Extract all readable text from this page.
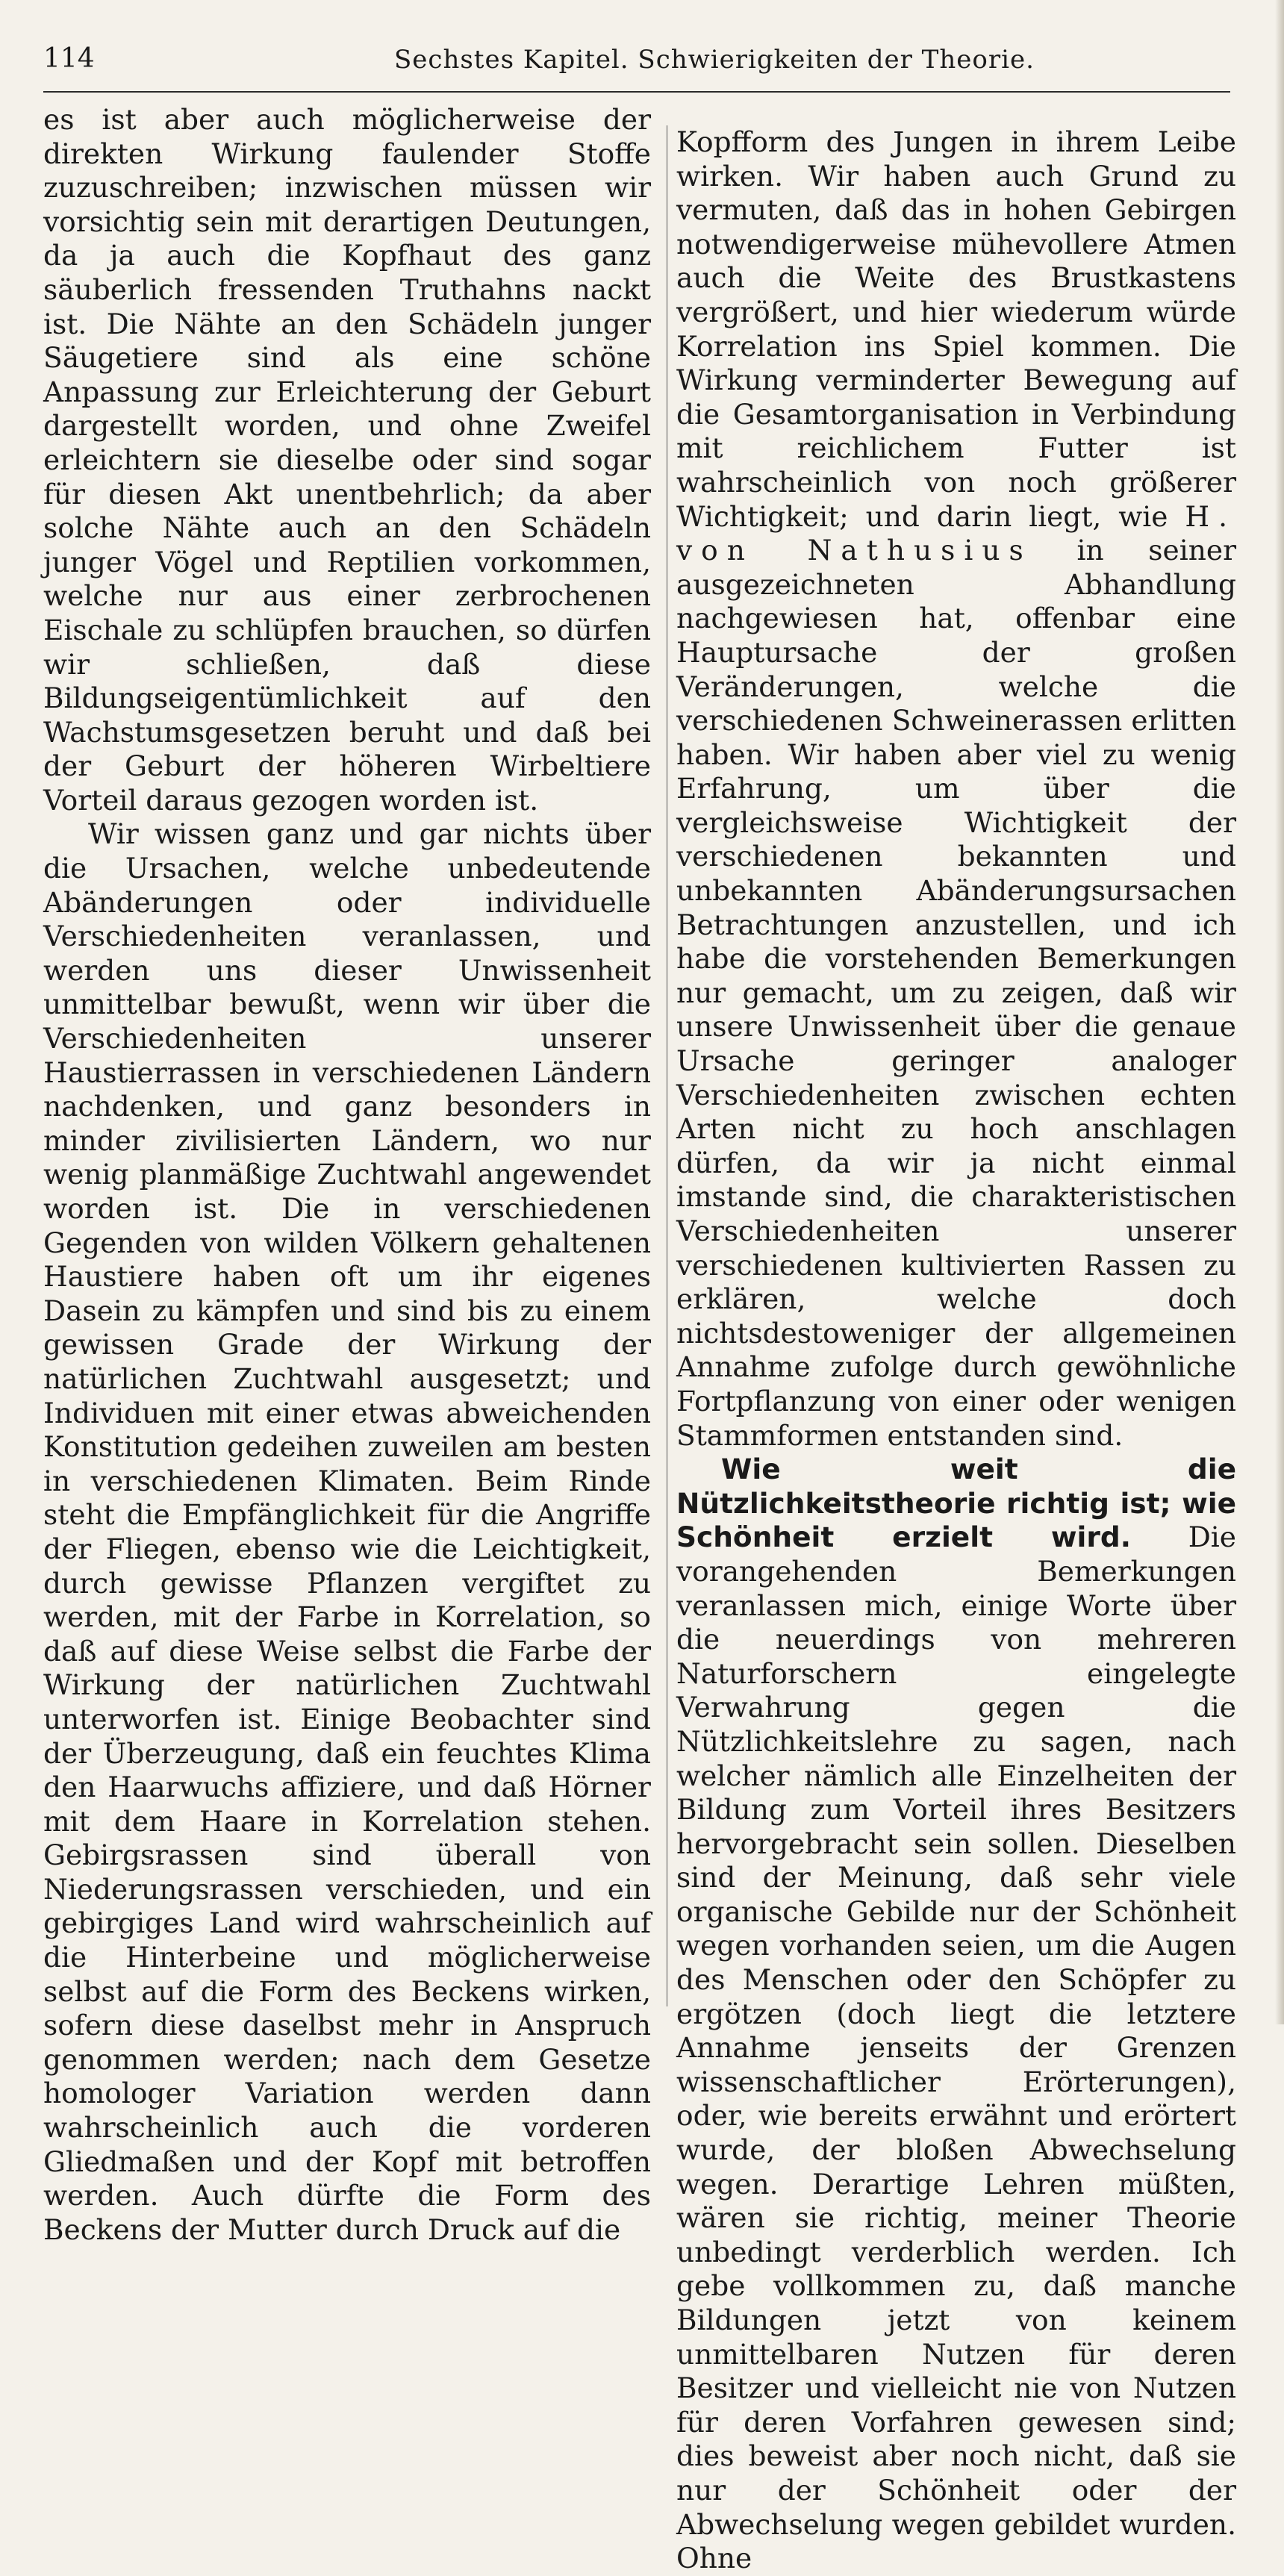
114	Sechstes Kapitel. Schwierigkeiten der Theorie.

es ist aber auch möglicherweise der direkten Wirkung faulender Stoffe zuzuschreiben; inzwischen müssen wir vorsichtig sein mit derartigen Deutungen, da ja auch die Kopfhaut des ganz säuberlich fressenden Truthahns nackt ist. Die Nähte an den Schädeln junger Säugetiere sind als eine schöne Anpassung zur Erleichterung der Geburt dargestellt worden, und ohne Zweifel erleichtern sie dieselbe oder sind sogar für diesen Akt unentbehrlich; da aber solche Nähte auch an den Schädeln junger Vögel und Reptilien vorkommen, welche nur aus einer zerbrochenen Eischale zu schlüpfen brauchen, so dürfen wir schließen, daß diese Bildungseigentümlichkeit auf den Wachstumsgesetzen beruht und daß bei der Geburt der höheren Wirbeltiere Vorteil daraus gezogen worden ist.

Wir wissen ganz und gar nichts über die Ursachen, welche unbedeutende Abänderungen oder individuelle Verschiedenheiten veranlassen, und werden uns dieser Unwissenheit unmittelbar bewußt, wenn wir über die Verschiedenheiten unserer Haustierrassen in verschiedenen Ländern nachdenken, und ganz besonders in minder zivilisierten Ländern, wo nur wenig planmäßige Zuchtwahl angewendet worden ist. Die in verschiedenen Gegenden von wilden Völkern gehaltenen Haustiere haben oft um ihr eigenes Dasein zu kämpfen und sind bis zu einem gewissen Grade der Wirkung der natürlichen Zuchtwahl ausgesetzt; und Individuen mit einer etwas abweichenden Konstitution gedeihen zuweilen am besten in verschiedenen Klimaten. Beim Rinde steht die Empfänglichkeit für die Angriffe der Fliegen, ebenso wie die Leichtigkeit, durch gewisse Pflanzen vergiftet zu werden, mit der Farbe in Korrelation, so daß auf diese Weise selbst die Farbe der Wirkung der natürlichen Zuchtwahl unterworfen ist. Einige Beobachter sind der Überzeugung, daß ein feuchtes Klima den Haarwuchs affiziere, und daß Hörner mit dem Haare in Korrelation stehen. Gebirgsrassen sind überall von Niederungsrassen verschieden, und ein gebirgiges Land wird wahrscheinlich auf die Hinterbeine und möglicherweise selbst auf die Form des Beckens wirken, sofern diese daselbst mehr in Anspruch genommen werden; nach dem Gesetze homologer Variation werden dann wahrscheinlich auch die vorderen Gliedmaßen und der Kopf mit betroffen werden. Auch dürfte die Form des Beckens der Mutter durch Druck auf die

Kopfform des Jungen in ihrem Leibe wirken. Wir haben auch Grund zu vermuten, daß das in hohen Gebirgen notwendigerweise mühevollere Atmen auch die Weite des Brustkastens vergrößert, und hier wiederum würde Korrelation ins Spiel kommen. Die Wirkung verminderter Bewegung auf die Gesamtorganisation in Verbindung mit reichlichem Futter ist wahrscheinlich von noch größerer Wichtigkeit; und darin liegt, wie H. von Nathusius in seiner ausgezeichneten Abhandlung nachgewiesen hat, offenbar eine Hauptursache der großen Veränderungen, welche die verschiedenen Schweinerassen erlitten haben. Wir haben aber viel zu wenig Erfahrung, um über die vergleichsweise Wichtigkeit der verschiedenen bekannten und unbekannten Abänderungsursachen Betrachtungen anzustellen, und ich habe die vorstehenden Bemerkungen nur gemacht, um zu zeigen, daß wir unsere Unwissenheit über die genaue Ursache geringer analoger Verschiedenheiten zwischen echten Arten nicht zu hoch anschlagen dürfen, da wir ja nicht einmal imstande sind, die charakteristischen Verschiedenheiten unserer verschiedenen kultivierten Rassen zu erklären, welche doch nichtsdestoweniger der allgemeinen Annahme zufolge durch gewöhnliche Fortpflanzung von einer oder wenigen Stammformen entstanden sind.

Wie weit die Nützlichkeitstheorie richtig ist; wie Schönheit erzielt wird. Die vorangehenden Bemerkungen veranlassen mich, einige Worte über die neuerdings von mehreren Naturforschern eingelegte Verwahrung gegen die Nützlichkeitslehre zu sagen, nach welcher nämlich alle Einzelheiten der Bildung zum Vorteil ihres Besitzers hervorgebracht sein sollen. Dieselben sind der Meinung, daß sehr viele organische Gebilde nur der Schönheit wegen vorhanden seien, um die Augen des Menschen oder den Schöpfer zu ergötzen (doch liegt die letztere Annahme jenseits der Grenzen wissenschaftlicher Erörterungen), oder, wie bereits erwähnt und erörtert wurde, der bloßen Abwechselung wegen. Derartige Lehren müßten, wären sie richtig, meiner Theorie unbedingt verderblich werden. Ich gebe vollkommen zu, daß manche Bildungen jetzt von keinem unmittelbaren Nutzen für deren Besitzer und vielleicht nie von Nutzen für deren Vorfahren gewesen sind; dies beweist aber noch nicht, daß sie nur der Schönheit oder der Abwechselung wegen gebildet wurden. Ohne
